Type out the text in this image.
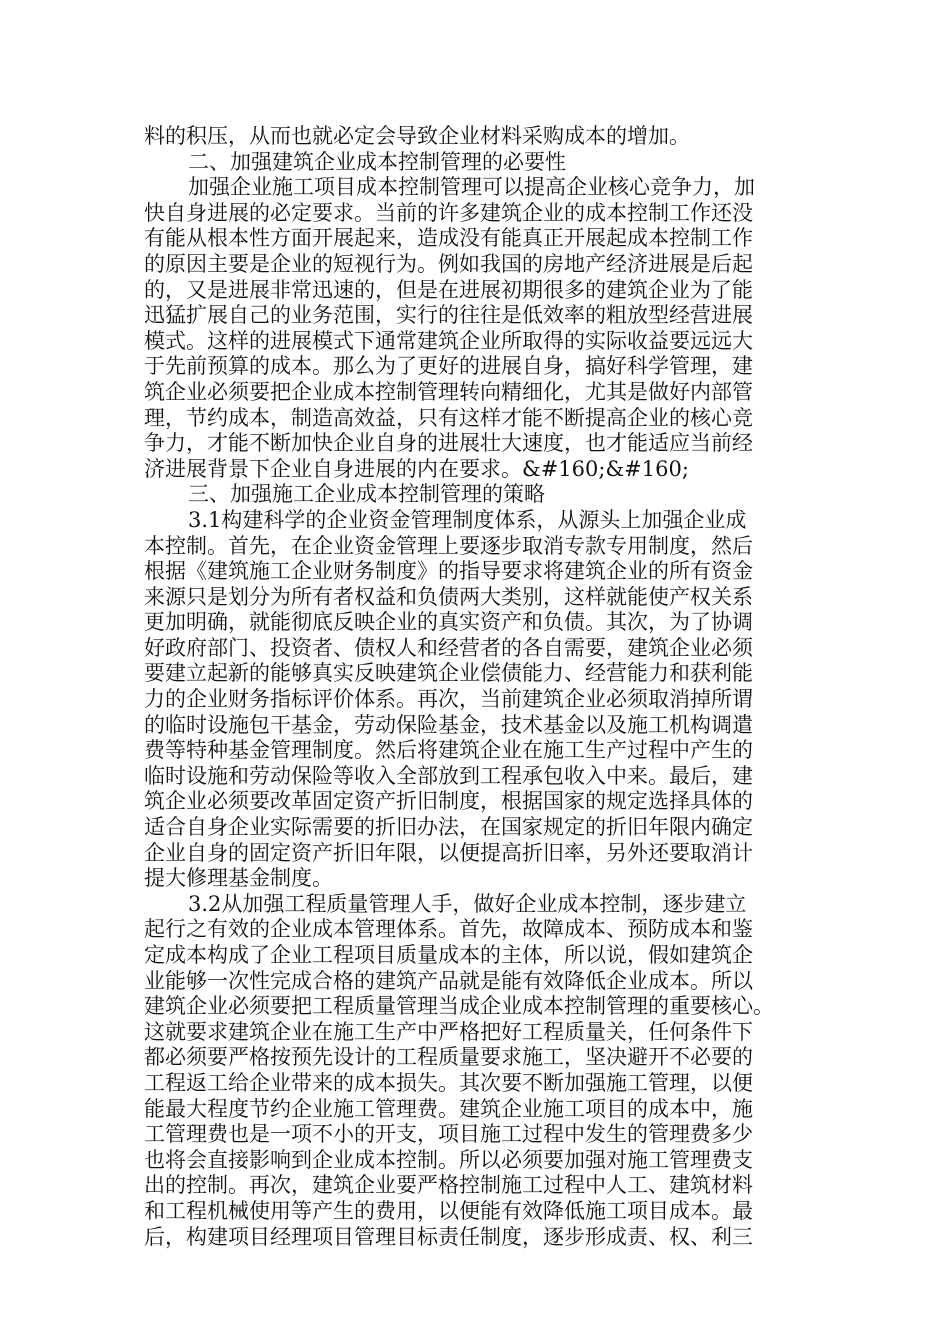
料的积压，从而也就必定会导致企业材料采购成本的增加。
二、加强建筑企业成本控制管理的必要性
加强企业施工项目成本控制管理可以提高企业核心竞争力，加
快自身进展的必定要求。当前的许多建筑企业的成本控制工作还没
有能从根本性方面开展起来，造成没有能真正开展起成本控制工作
的原因主要是企业的短视行为。例如我国的房地产经济进展是后起
的，又是进展非常迅速的，但是在进展初期很多的建筑企业为了能
迅猛扩展自己的业务范围，实行的往往是低效率的粗放型经营进展
模式。这样的进展模式下通常建筑企业所取得的实际收益要远远大
于先前预算的成本。那么为了更好的进展自身，搞好科学管理，建
筑企业必须要把企业成本控制管理转向精细化，尤其是做好内部管
理，节约成本，制造高效益，只有这样才能不断提高企业的核心竞
争力，才能不断加快企业自身的进展壮大速度，也才能适应当前经
济进展背景下企业自身进展的内在要求。&#160;&#160;
三、加强施工企业成本控制管理的策略
3.1构建科学的企业资金管理制度体系，从源头上加强企业成
本控制。首先，在企业资金管理上要逐步取消专款专用制度，然后
根据《建筑施工企业财务制度》的指导要求将建筑企业的所有资金
来源只是划分为所有者权益和负债两大类别，这样就能使产权关系
更加明确，就能彻底反映企业的真实资产和负债。其次，为了协调
好政府部门、投资者、债权人和经营者的各自需要，建筑企业必须
要建立起新的能够真实反映建筑企业偿债能力、经营能力和获利能
力的企业财务指标评价体系。再次，当前建筑企业必须取消掉所谓
的临时设施包干基金，劳动保险基金，技术基金以及施工机构调遣
费等特种基金管理制度。然后将建筑企业在施工生产过程中产生的
临时设施和劳动保险等收入全部放到工程承包收入中来。最后，建
筑企业必须要改革固定资产折旧制度，根据国家的规定选择具体的
适合自身企业实际需要的折旧办法，在国家规定的折旧年限内确定
企业自身的固定资产折旧年限，以便提高折旧率，另外还要取消计
提大修理基金制度。
3.2从加强工程质量管理人手，做好企业成本控制，逐步建立
起行之有效的企业成本管理体系。首先，故障成本、预防成本和鉴
定成本构成了企业工程项目质量成本的主体，所以说，假如建筑企
业能够一次性完成合格的建筑产品就是能有效降低企业成本。所以
建筑企业必须要把工程质量管理当成企业成本控制管理的重要核心。
这就要求建筑企业在施工生产中严格把好工程质量关，任何条件下
都必须要严格按预先设计的工程质量要求施工，坚决避开不必要的
工程返工给企业带来的成本损失。其次要不断加强施工管理，以便
能最大程度节约企业施工管理费。建筑企业施工项目的成本中，施
工管理费也是一项不小的开支，项目施工过程中发生的管理费多少
也将会直接影响到企业成本控制。所以必须要加强对施工管理费支
出的控制。再次，建筑企业要严格控制施工过程中人工、建筑材料
和工程机械使用等产生的费用，以便能有效降低施工项目成本。最
后，构建项目经理项目管理目标责任制度，逐步形成责、权、利三
